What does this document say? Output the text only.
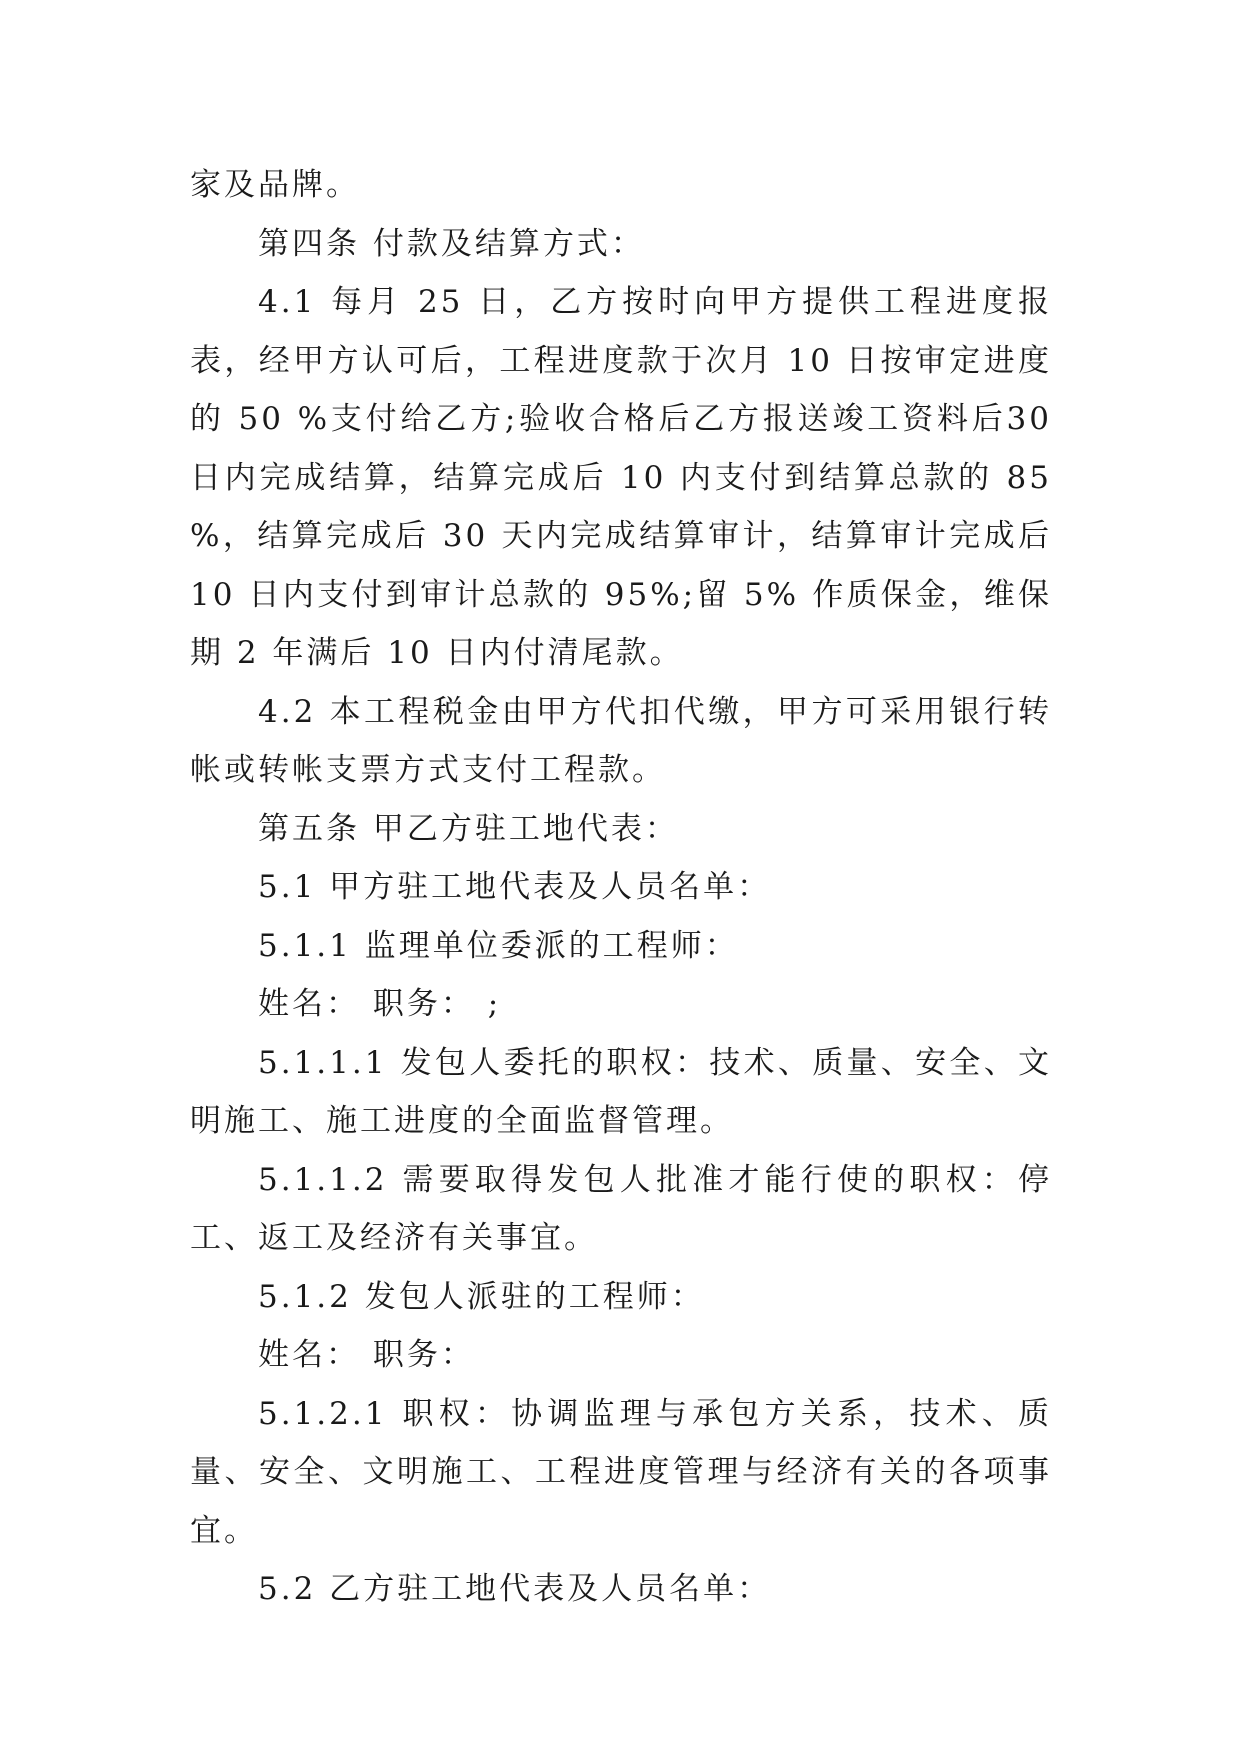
家及品牌。

第四条 付款及结算方式：

4.1 每月 25 日，乙方按时向甲方提供工程进度报表，经甲方认可后，工程进度款于次月 10 日按审定进度的 50 %支付给乙方;验收合格后乙方报送竣工资料后30日内完成结算，结算完成后 10 内支付到结算总款的 85 %，结算完成后 30 天内完成结算审计，结算审计完成后 10 日内支付到审计总款的 95%;留 5% 作质保金，维保期 2 年满后 10 日内付清尾款。

4.2 本工程税金由甲方代扣代缴，甲方可采用银行转帐或转帐支票方式支付工程款。

第五条 甲乙方驻工地代表：

5.1 甲方驻工地代表及人员名单：

5.1.1 监理单位委派的工程师：

姓名： 职务： ;

5.1.1.1 发包人委托的职权：技术、质量、安全、文明施工、施工进度的全面监督管理。

5.1.1.2 需要取得发包人批准才能行使的职权：停工、返工及经济有关事宜。

5.1.2 发包人派驻的工程师：

姓名： 职务：

5.1.2.1 职权：协调监理与承包方关系，技术、质量、安全、文明施工、工程进度管理与经济有关的各项事宜。

5.2 乙方驻工地代表及人员名单：
